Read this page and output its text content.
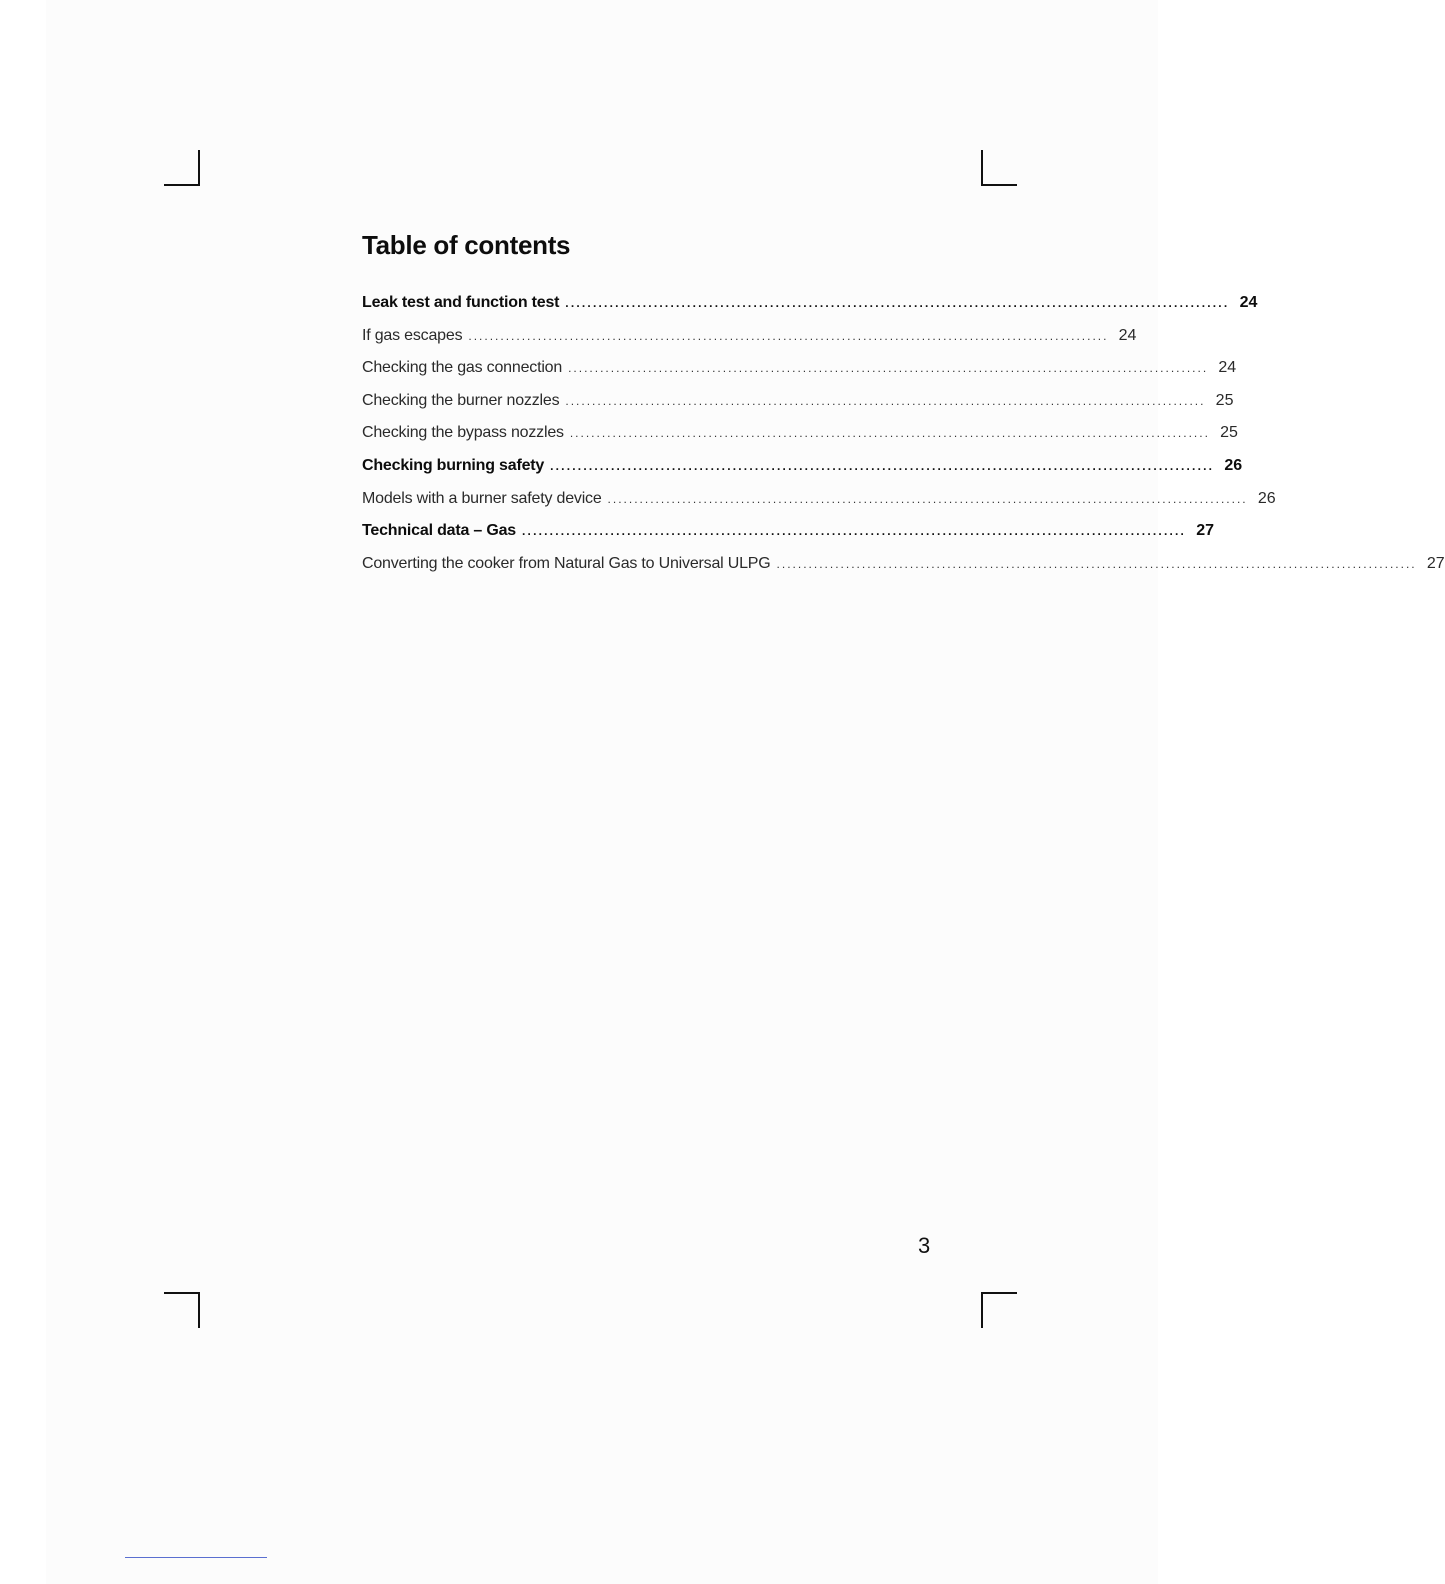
Table of contents
Leak test and function test ........................................................................................................................ 24
If gas escapes ........................................................................................................................ 24
Checking the gas connection ........................................................................................................................ 24
Checking the burner nozzles ........................................................................................................................ 25
Checking the bypass nozzles ........................................................................................................................ 25
Checking burning safety ........................................................................................................................ 26
Models with a burner safety device ........................................................................................................................ 26
Technical data – Gas ........................................................................................................................ 27
Converting the cooker from Natural Gas to Universal ULPG ........................................................................................................................ 27
3
